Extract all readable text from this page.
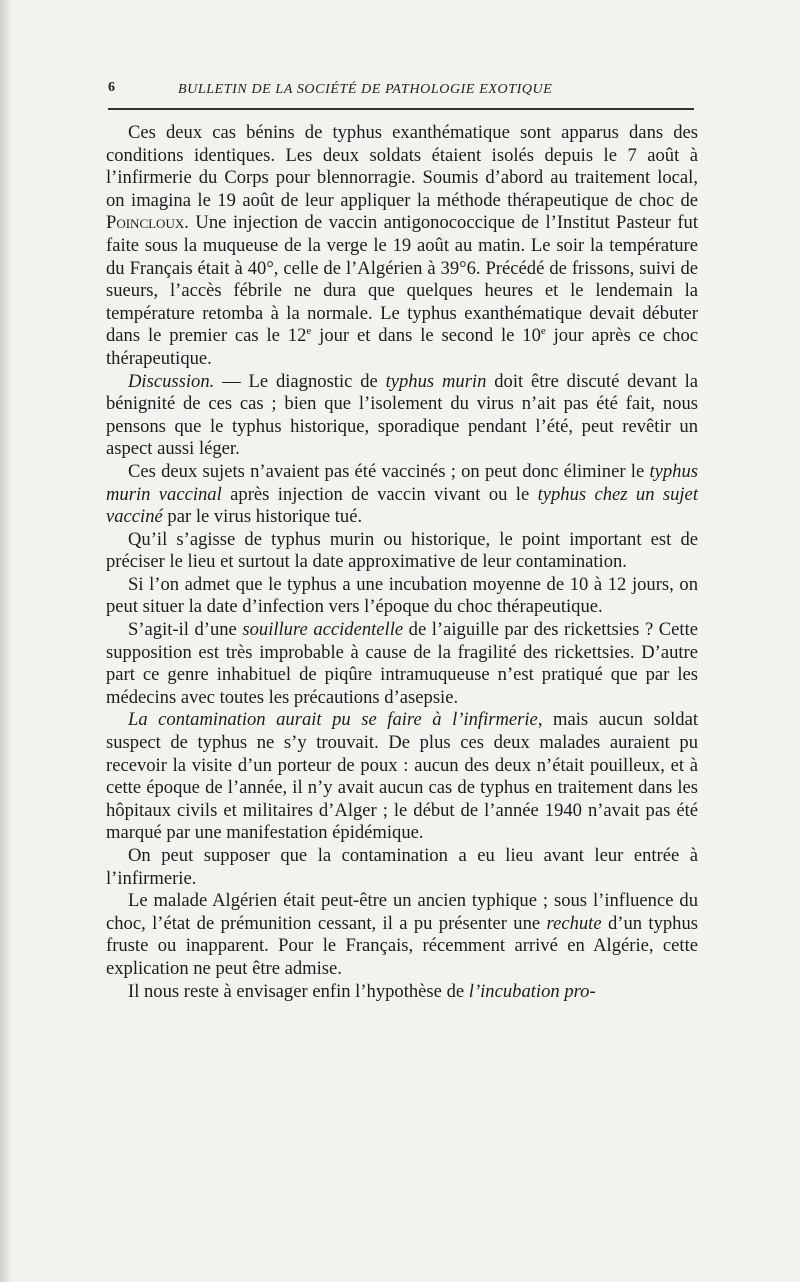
6	BULLETIN DE LA SOCIÉTÉ DE PATHOLOGIE EXOTIQUE

Ces deux cas bénins de typhus exanthématique sont apparus dans des conditions identiques. Les deux soldats étaient isolés depuis le 7 août à l’infirmerie du Corps pour blennorragie. Soumis d’abord au traitement local, on imagina le 19 août de leur appliquer la méthode thérapeutique de choc de Poincloux. Une injection de vaccin antigonococcique de l’Institut Pasteur fut faite sous la muqueuse de la verge le 19 août au matin. Le soir la température du Français était à 40°, celle de l’Algérien à 39°6. Précédé de frissons, suivi de sueurs, l’accès fébrile ne dura que quelques heures et le lendemain la température retomba à la normale. Le typhus exanthématique devait débuter dans le premier cas le 12e jour et dans le second le 10e jour après ce choc thérapeutique.

Discussion. — Le diagnostic de typhus murin doit être discuté devant la bénignité de ces cas ; bien que l’isolement du virus n’ait pas été fait, nous pensons que le typhus historique, sporadique pendant l’été, peut revêtir un aspect aussi léger.

Ces deux sujets n’avaient pas été vaccinés ; on peut donc éliminer le typhus murin vaccinal après injection de vaccin vivant ou le typhus chez un sujet vacciné par le virus historique tué.

Qu’il s’agisse de typhus murin ou historique, le point important est de préciser le lieu et surtout la date approximative de leur contamination.

Si l’on admet que le typhus a une incubation moyenne de 10 à 12 jours, on peut situer la date d’infection vers l’époque du choc thérapeutique.

S’agit-il d’une souillure accidentelle de l’aiguille par des rickettsies ? Cette supposition est très improbable à cause de la fragilité des rickettsies. D’autre part ce genre inhabituel de piqûre intramuqueuse n’est pratiqué que par les médecins avec toutes les précautions d’asepsie.

La contamination aurait pu se faire à l’infirmerie, mais aucun soldat suspect de typhus ne s’y trouvait. De plus ces deux malades auraient pu recevoir la visite d’un porteur de poux : aucun des deux n’était pouilleux, et à cette époque de l’année, il n’y avait aucun cas de typhus en traitement dans les hôpitaux civils et militaires d’Alger ; le début de l’année 1940 n’avait pas été marqué par une manifestation épidémique.

On peut supposer que la contamination a eu lieu avant leur entrée à l’infirmerie.

Le malade Algérien était peut-être un ancien typhique ; sous l’influence du choc, l’état de prémunition cessant, il a pu présenter une rechute d’un typhus fruste ou inapparent. Pour le Français, récemment arrivé en Algérie, cette explication ne peut être admise.

Il nous reste à envisager enfin l’hypothèse de l’incubation pro-
